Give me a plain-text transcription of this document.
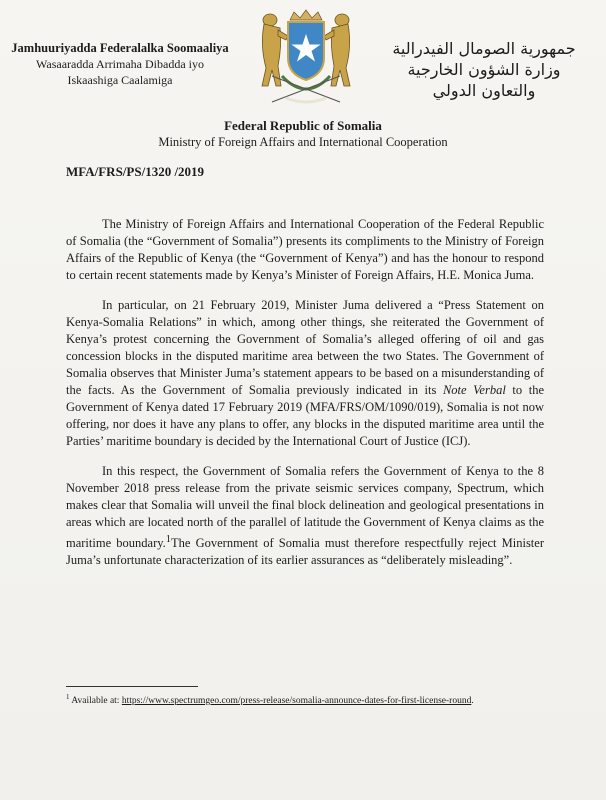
Jamhuuriyadda Federalalka Soomaaliya
Wasaaradda Arrimaha Dibadda iyo
Iskaashiga Caalamiga
جمهورية الصومال الفيدرالية
وزارة الشؤون الخارجية
والتعاون الدولي
Federal Republic of Somalia
Ministry of Foreign Affairs and International Cooperation
MFA/FRS/PS/1320 /2019

The Ministry of Foreign Affairs and International Cooperation of the Federal Republic of Somalia (the “Government of Somalia”) presents its compliments to the Ministry of Foreign Affairs of the Republic of Kenya (the “Government of Kenya”) and has the honour to respond to certain recent statements made by Kenya’s Minister of Foreign Affairs, H.E. Monica Juma.

In particular, on 21 February 2019, Minister Juma delivered a “Press Statement on Kenya-Somalia Relations” in which, among other things, she reiterated the Government of Kenya’s protest concerning the Government of Somalia’s alleged offering of oil and gas concession blocks in the disputed maritime area between the two States. The Government of Somalia observes that Minister Juma’s statement appears to be based on a misunderstanding of the facts. As the Government of Somalia previously indicated in its Note Verbal to the Government of Kenya dated 17 February 2019 (MFA/FRS/OM/1090/019), Somalia is not now offering, nor does it have any plans to offer, any blocks in the disputed maritime area until the Parties’ maritime boundary is decided by the International Court of Justice (ICJ).

In this respect, the Government of Somalia refers the Government of Kenya to the 8 November 2018 press release from the private seismic services company, Spectrum, which makes clear that Somalia will unveil the final block delineation and geological presentations in areas which are located north of the parallel of latitude the Government of Kenya claims as the maritime boundary.$^1$The Government of Somalia must therefore respectfully reject Minister Juma’s unfortunate characterization of its earlier assurances as “deliberately misleading”.

$^1$ Available at: https://www.spectrumgeo.com/press-release/somalia-announce-dates-for-first-license-round.
